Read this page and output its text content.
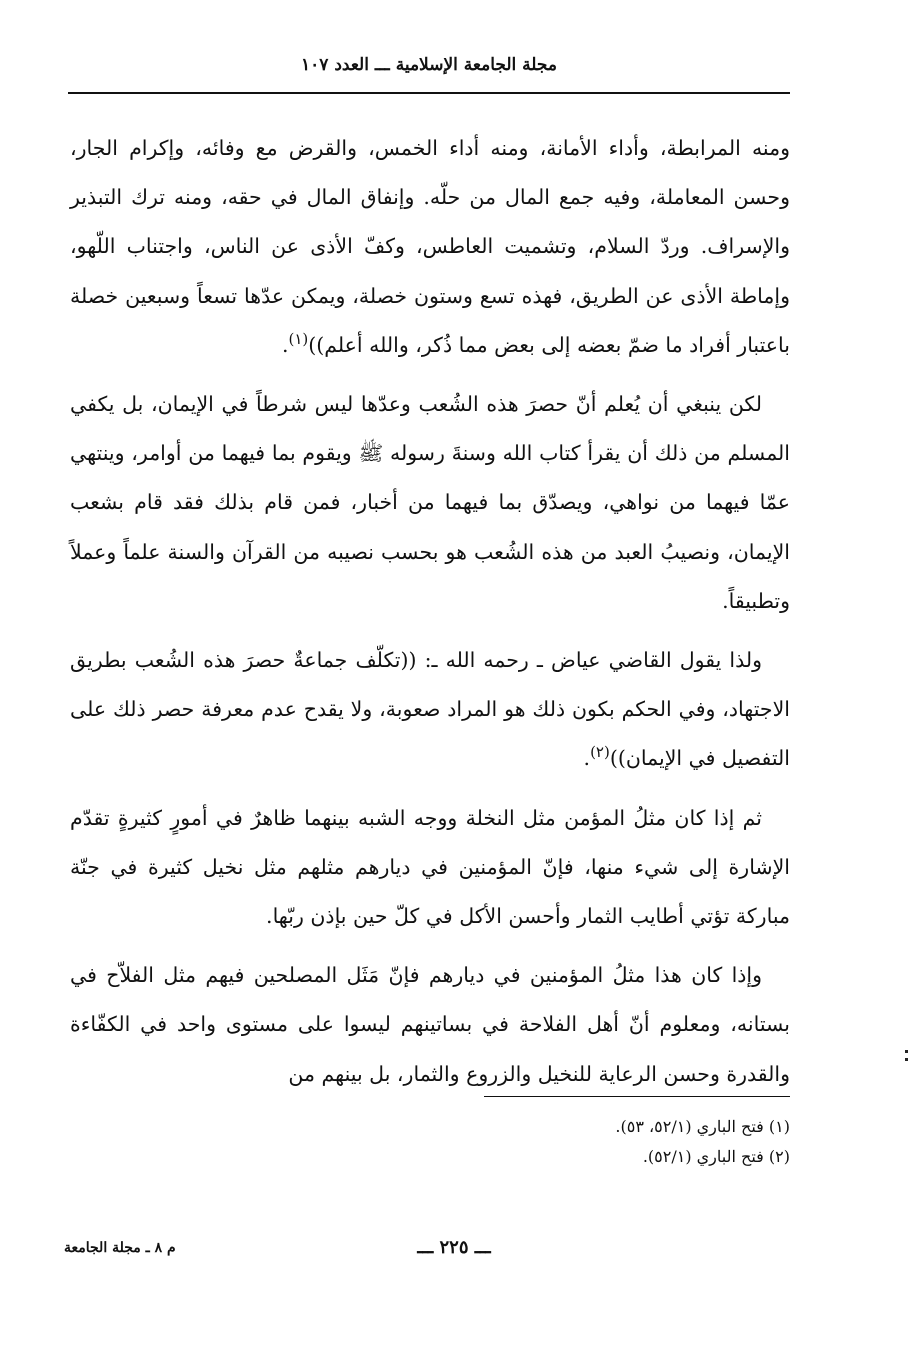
مجلة الجامعة الإسلامية ـــ العدد ١٠٧

ومنه المرابطة، وأداء الأمانة، ومنه أداء الخمس، والقرض مع وفائه، وإكرام الجار، وحسن المعاملة، وفيه جمع المال من حلّه. وإنفاق المال في حقه، ومنه ترك التبذير والإسراف. وردّ السلام، وتشميت العاطس، وكفّ الأذى عن الناس، واجتناب اللّهو، وإماطة الأذى عن الطريق، فهذه تسع وستون خصلة، ويمكن عدّها تسعاً وسبعين خصلة باعتبار أفراد ما ضمّ بعضه إلى بعض مما ذُكر، والله أعلم))$^{(١)}$.

لكن ينبغي أن يُعلم أنّ حصرَ هذه الشُعب وعدّها ليس شرطاً في الإيمان، بل يكفي المسلم من ذلك أن يقرأ كتاب الله وسنةَ رسوله ﷺ ويقوم بما فيهما من أوامر، وينتهي عمّا فيهما من نواهي، ويصدّق بما فيهما من أخبار، فمن قام بذلك فقد قام بشعب الإيمان، ونصيبُ العبد من هذه الشُعب هو بحسب نصيبه من القرآن والسنة علماً وعملاً وتطبيقاً.

ولذا يقول القاضي عياض ـ رحمه الله ـ: ((تكلّف جماعةٌ حصرَ هذه الشُعب بطريق الاجتهاد، وفي الحكم بكون ذلك هو المراد صعوبة، ولا يقدح عدم معرفة حصر ذلك على التفصيل في الإيمان))$^{(٢)}$.

ثم إذا كان مثلُ المؤمن مثل النخلة ووجه الشبه بينهما ظاهرٌ في أمورٍ كثيرةٍ تقدّم الإشارة إلى شيء منها، فإنّ المؤمنين في ديارهم مثلهم مثل نخيل كثيرة في جنّة مباركة تؤتي أطايب الثمار وأحسن الأكل في كلّ حين بإذن ربّها.

وإذا كان هذا مثلُ المؤمنين في ديارهم فإنّ مَثَل المصلحين فيهم مثل الفلاّح في بستانه، ومعلوم أنّ أهل الفلاحة في بساتينهم ليسوا على مستوى واحد في الكفّاءة والقدرة وحسن الرعاية للنخيل والزروع والثمار، بل بينهم من

(١) فتح الباري (٥٢/١، ٥٣).
(٢) فتح الباري (٥٢/١).
ـــ ٢٢٥ ـــ
م ٨ ـ مجلة الجامعة
